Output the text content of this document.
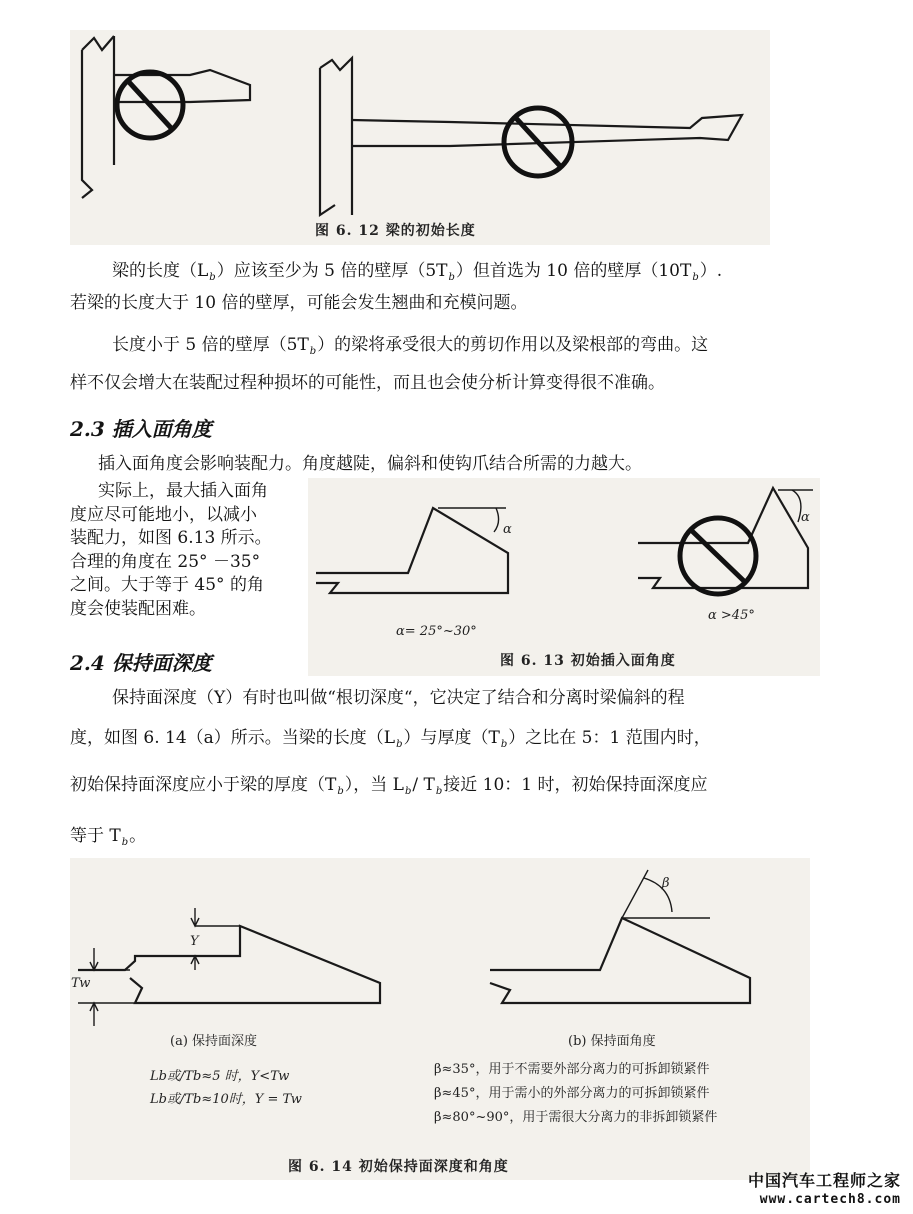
图 6. 12 梁的初始长度
梁的长度$(L_b)$应该至少为 5 倍的壁厚$(5T_b)$但首选为 10 倍的壁厚$(10T_b)$.
若梁的长度大于 10 倍的壁厚，可能会发生翘曲和充模问题。
长度小于 5 倍的壁厚$(5T_b)$的梁将承受很大的剪切作用以及梁根部的弯曲。这
样不仅会增大在装配过程种损坏的可能性，而且也会使分析计算变得很不准确。
2.3 插入面角度
插入面角度会影响装配力。角度越陡，偏斜和使钩爪结合所需的力越大。
实际上，最大插入面角
度应尽可能地小，以减小
装配力，如图 6.13 所示。
合理的角度在 25° －35°
之间。大于等于 45° 的角
度会使装配困难。
α
α
α= 25°~30°
α >45°
图 6. 13 初始插入面角度
2.4 保持面深度
保持面深度（Y）有时也叫做“根切深度“，它决定了结合和分离时梁偏斜的程
度，如图 6. 14（a）所示。当梁的长度$(L_b)$与厚度$(T_b)$之比在 5：1 范围内时，
初始保持面深度应小于梁的厚度$(T_b)$，当 $L_b/$ $T_b$接近 10：1 时，初始保持面深度应
等于 $T_b$。
Y
Tw
β
(a) 保持面深度	(b) 保持面角度
Lb或/Tb≈5 时，Y<Tw
Lb或/Tb≈10时，Y = Tw
β≈35°，用于不需要外部分离力的可拆卸锁紧件
β≈45°，用于需小的外部分离力的可拆卸锁紧件
β≈80°~90°，用于需很大分离力的非拆卸锁紧件
图 6. 14 初始保持面深度和角度
中国汽车工程师之家
www.cartech8.com
